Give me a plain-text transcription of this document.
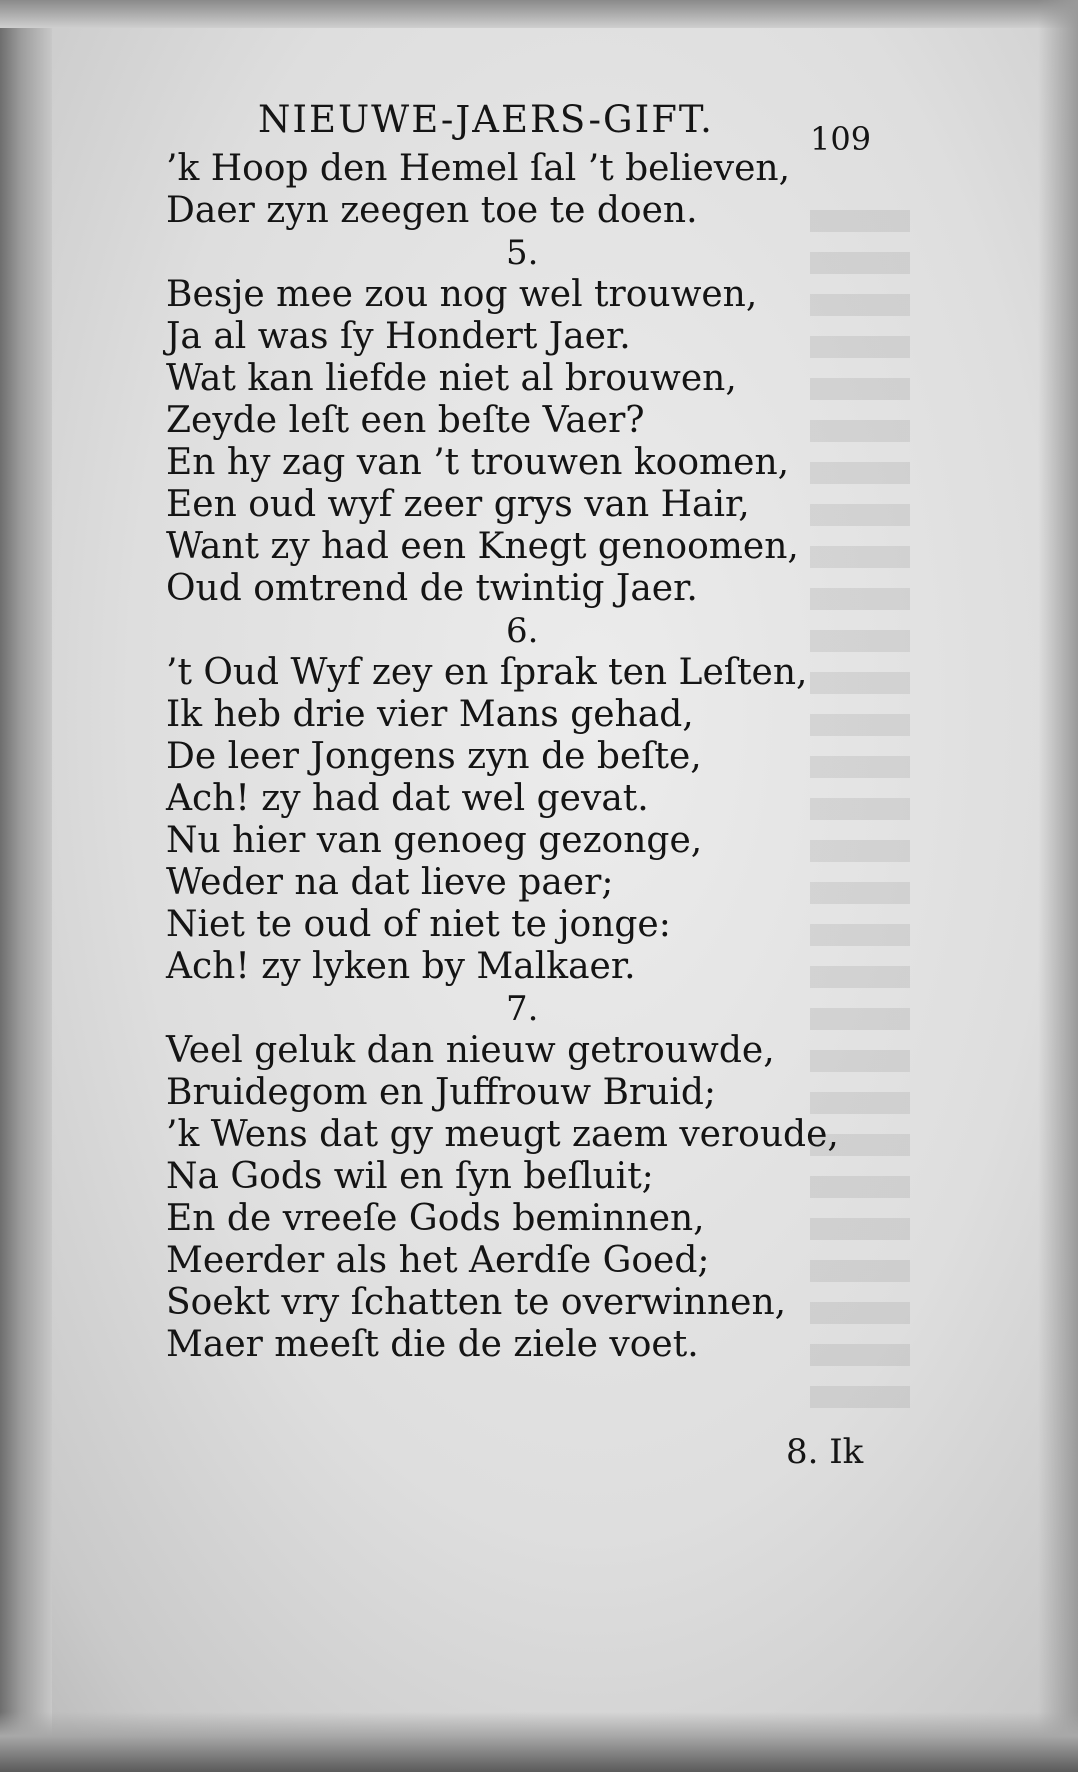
NIEUWE-JAERS-GIFT.	109
’k Hoop den Hemel ſal ’t believen,
Daer zyn zeegen toe te doen.
5.
Besje mee zou nog wel trouwen,
Ja al was ſy Hondert Jaer.
Wat kan liefde niet al brouwen,
Zeyde leſt een beſte Vaer?
En hy zag van ’t trouwen koomen,
Een oud wyf zeer grys van Hair,
Want zy had een Knegt genoomen,
Oud omtrend de twintig Jaer.
6.
’t Oud Wyf zey en ſprak ten Leſten,
Ik heb drie vier Mans gehad,
De leer Jongens zyn de beſte,
Ach! zy had dat wel gevat.
Nu hier van genoeg gezonge,
Weder na dat lieve paer;
Niet te oud of niet te jonge:
Ach! zy lyken by Malkaer.
7.
Veel geluk dan nieuw getrouwde,
Bruidegom en Juffrouw Bruid;
’k Wens dat gy meugt zaem veroude,
Na Gods wil en ſyn beſluit;
En de vreeſe Gods beminnen,
Meerder als het Aerdſe Goed;
Soekt vry ſchatten te overwinnen,
Maer meeſt die de ziele voet.
8. Ik
